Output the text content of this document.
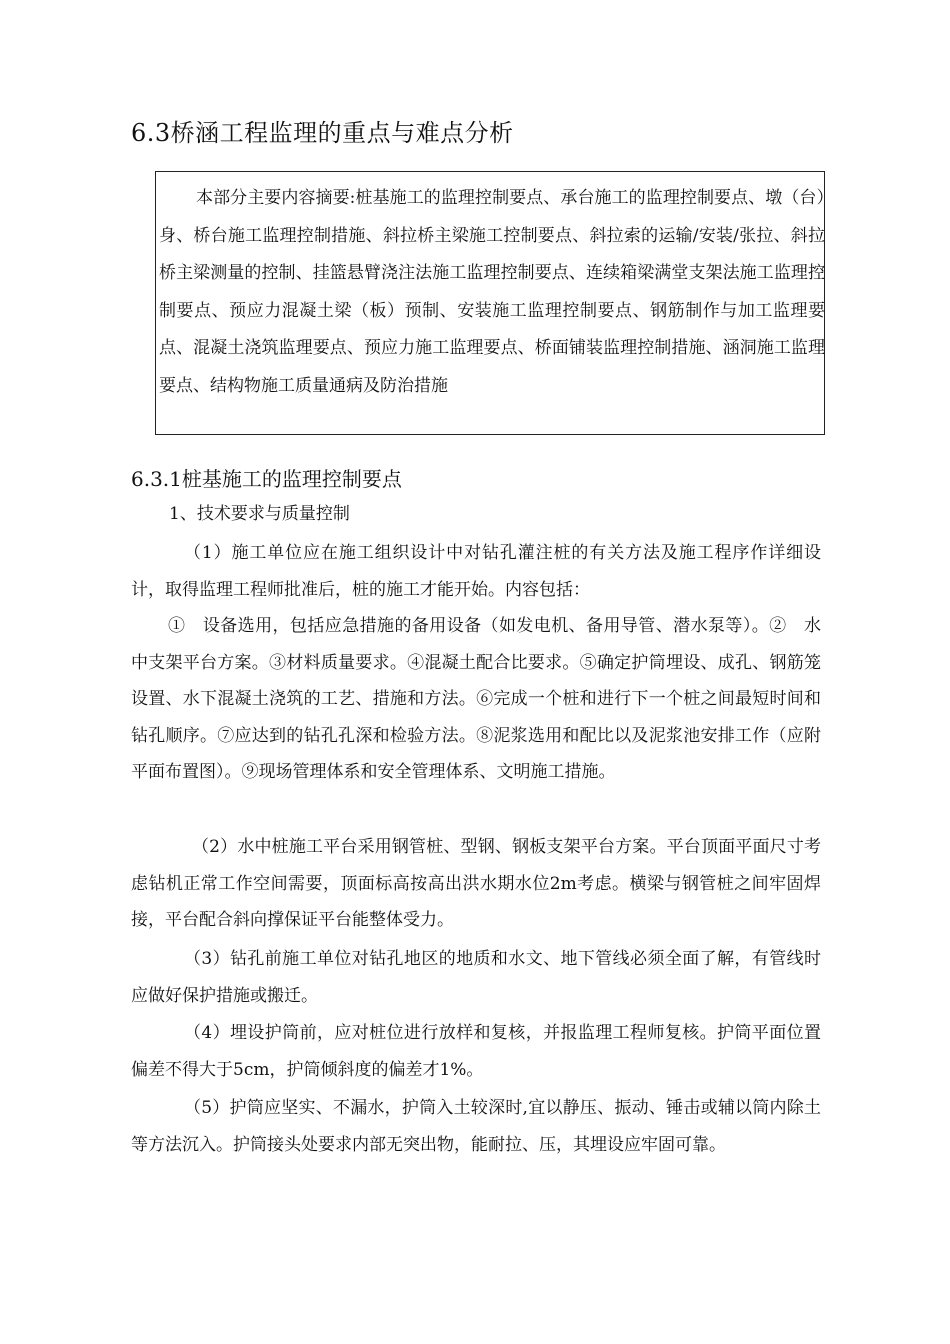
6.3桥涵工程监理的重点与难点分析
本部分主要内容摘要:桩基施工的监理控制要点、承台施工的监理控制要点、墩（台）身、桥台施工监理控制措施、斜拉桥主梁施工控制要点、斜拉索的运输/安装/张拉、斜拉桥主梁测量的控制、挂篮悬臂浇注法施工监理控制要点、连续箱梁满堂支架法施工监理控制要点、预应力混凝土梁（板）预制、安装施工监理控制要点、钢筋制作与加工监理要点、混凝土浇筑监理要点、预应力施工监理要点、桥面铺装监理控制措施、涵洞施工监理要点、结构物施工质量通病及防治措施
6.3.1桩基施工的监理控制要点
1、技术要求与质量控制
（1）施工单位应在施工组织设计中对钻孔灌注桩的有关方法及施工程序作详细设计，取得监理工程师批准后，桩的施工才能开始。内容包括：
①　设备选用，包括应急措施的备用设备（如发电机、备用导管、潜水泵等）。②　水中支架平台方案。③材料质量要求。④混凝土配合比要求。⑤确定护筒埋设、成孔、钢筋笼设置、水下混凝土浇筑的工艺、措施和方法。⑥完成一个桩和进行下一个桩之间最短时间和钻孔顺序。⑦应达到的钻孔孔深和检验方法。⑧泥浆选用和配比以及泥浆池安排工作（应附平面布置图）。⑨现场管理体系和安全管理体系、文明施工措施。
（2）水中桩施工平台采用钢管桩、型钢、钢板支架平台方案。平台顶面平面尺寸考虑钻机正常工作空间需要，顶面标高按高出洪水期水位2m考虑。横梁与钢管桩之间牢固焊接，平台配合斜向撑保证平台能整体受力。
（3）钻孔前施工单位对钻孔地区的地质和水文、地下管线必须全面了解，有管线时应做好保护措施或搬迁。
（4）埋设护筒前，应对桩位进行放样和复核，并报监理工程师复核。护筒平面位置偏差不得大于5cm，护筒倾斜度的偏差才1%。
（5）护筒应坚实、不漏水，护筒入土较深时,宜以静压、振动、锤击或辅以筒内除土等方法沉入。护筒接头处要求内部无突出物，能耐拉、压，其埋设应牢固可靠。
